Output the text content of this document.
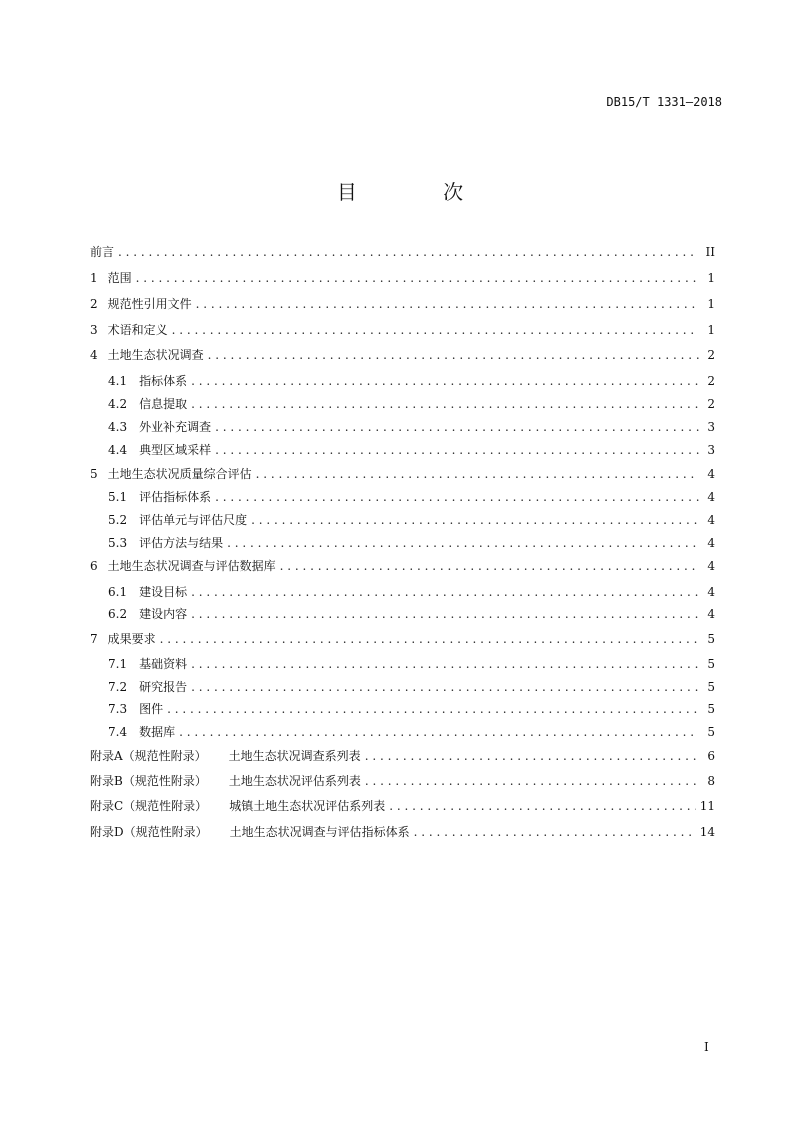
DB15/T 1331—2018
目 次
前言 . . .	II
1 范围 . . .	1
2 规范性引用文件 . . .	1
3 术语和定义 . . .	1
4 土地生态状况调查 . . .	2
4.1 指标体系 . . .	2
4.2 信息提取 . . .	2
4.3 外业补充调查 . . .	3
4.4 典型区域采样 . . .	3
5 土地生态状况质量综合评估 . . .	4
5.1 评估指标体系 . . .	4
5.2 评估单元与评估尺度 . . .	4
5.3 评估方法与结果 . . .	4
6 土地生态状况调查与评估数据库 . . .	4
6.1 建设目标 . . .	4
6.2 建设内容 . . .	4
7 成果要求 . . .	5
7.1 基础资料 . . .	5
7.2 研究报告 . . .	5
7.3 图件 . . .	5
7.4 数据库 . . .	5
附录A（规范性附录） 土地生态状况调查系列表 . . .	6
附录B（规范性附录） 土地生态状况评估系列表 . . .	8
附录C（规范性附录） 城镇土地生态状况评估系列表 . . .	11
附录D（规范性附录） 土地生态状况调查与评估指标体系 . . .	14
I
